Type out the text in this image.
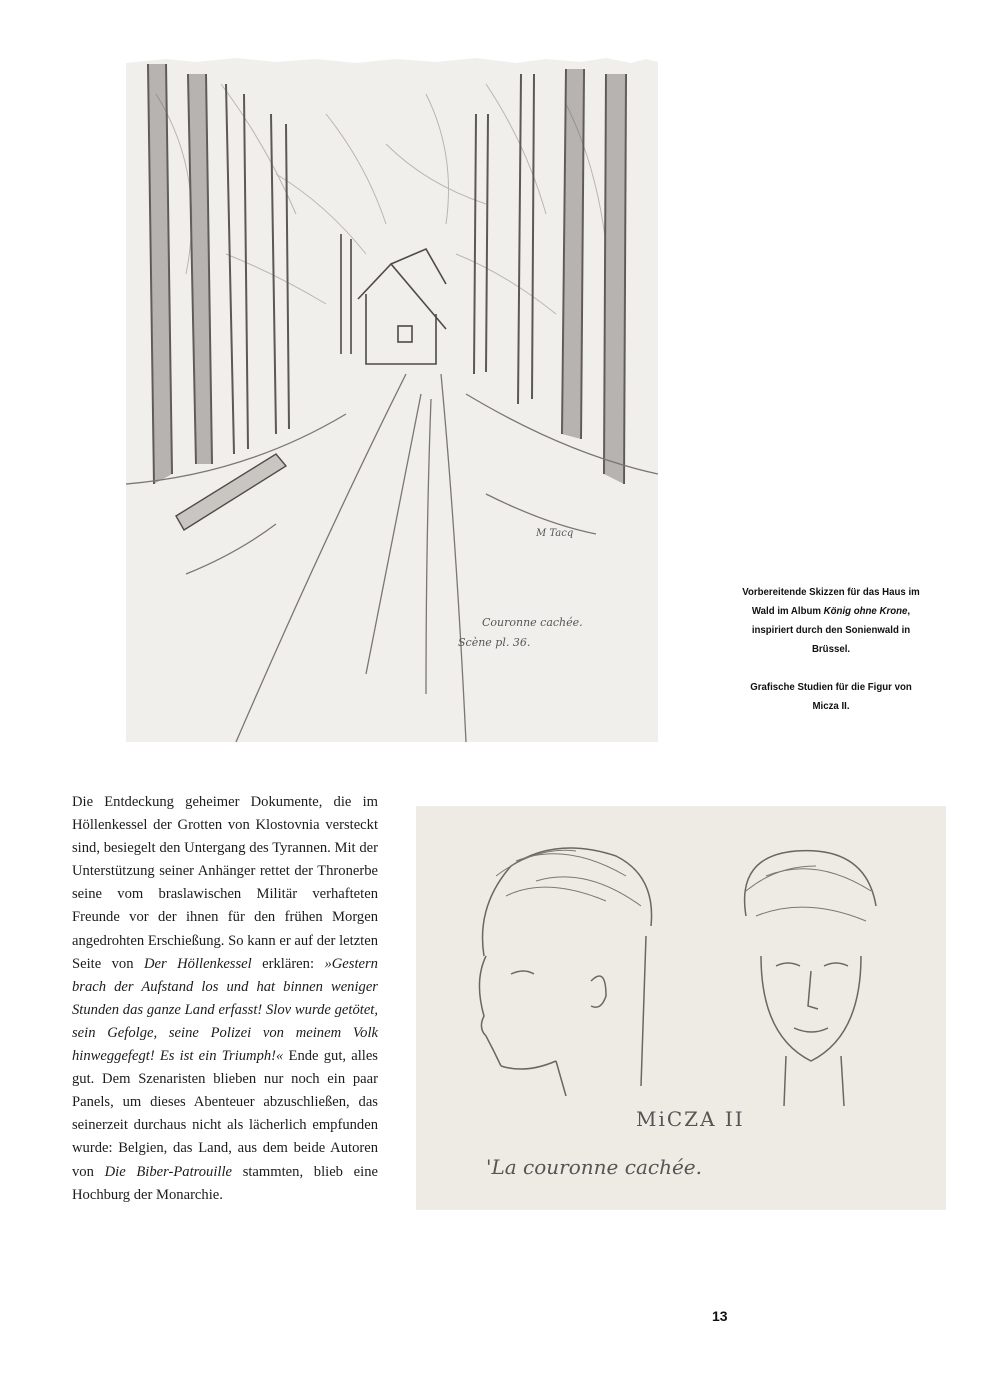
M Tacq
Couronne cachée.
Scène pl. 36.

Vorbereitende Skizzen für das Haus im Wald im Album König ohne Krone, inspiriert durch den Sonienwald in Brüssel.

Grafische Studien für die Figur von Micza II.

Die Entdeckung geheimer Dokumente, die im Höllenkessel der Grotten von Klostovnia versteckt sind, besiegelt den Untergang des Tyrannen. Mit der Unterstützung seiner Anhänger rettet der Thronerbe seine vom braslawischen Militär verhafteten Freunde vor der ihnen für den frühen Morgen angedrohten Erschießung. So kann er auf der letzten Seite von Der Höllenkessel erklären: »Gestern brach der Aufstand los und hat binnen weniger Stunden das ganze Land erfasst! Slov wurde getötet, sein Gefolge, seine Polizei von meinem Volk hinweggefegt! Es ist ein Triumph!« Ende gut, alles gut. Dem Szenaristen blieben nur noch ein paar Panels, um dieses Abenteuer abzuschließen, das seinerzeit durchaus nicht als lächerlich empfunden wurde: Belgien, das Land, aus dem beide Autoren von Die Biber-Patrouille stammten, blieb eine Hochburg der Monarchie.
MiCZA II
'La couronne cachée.
13
